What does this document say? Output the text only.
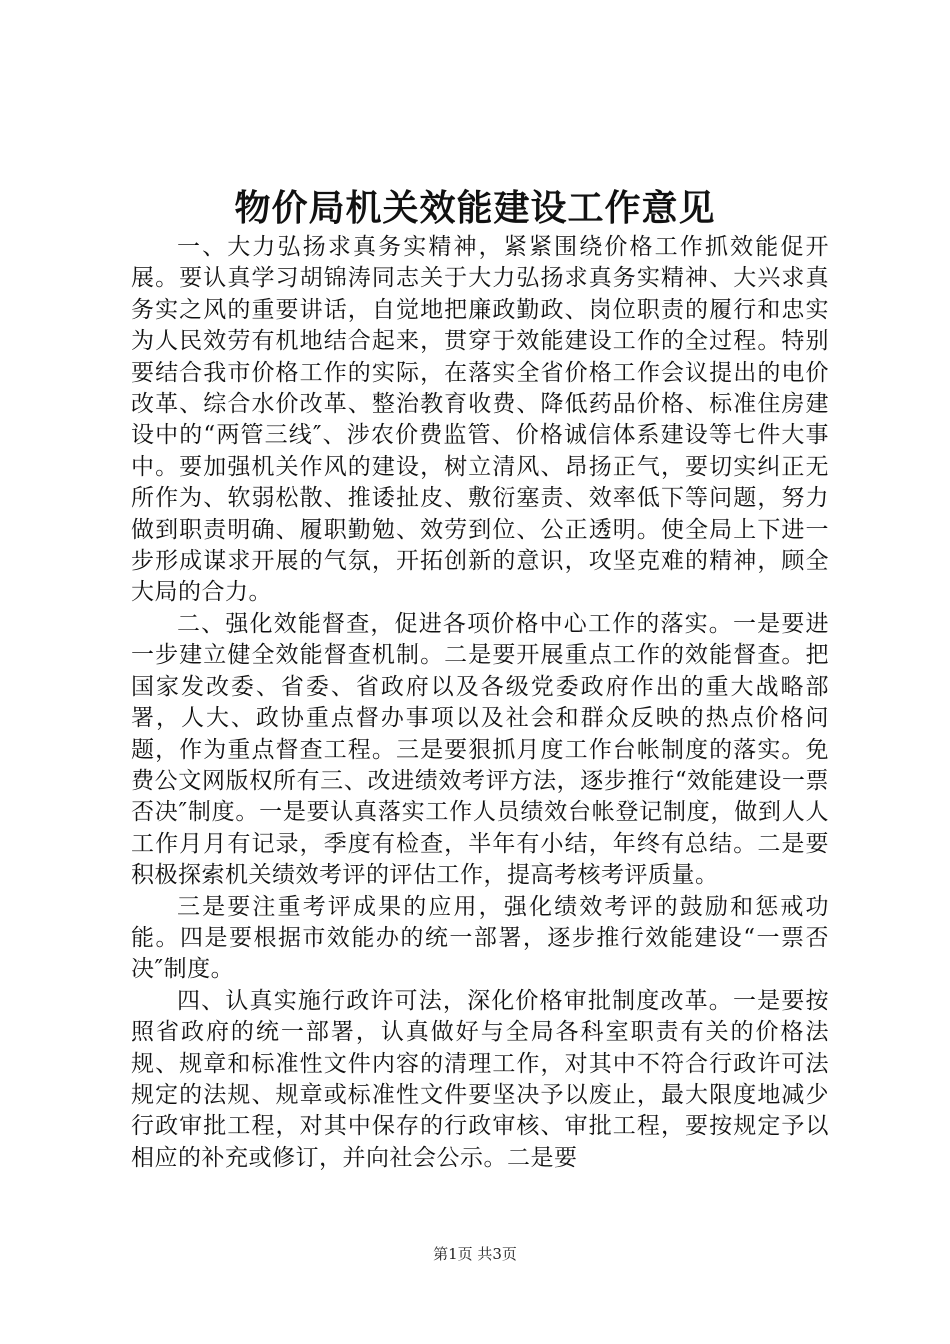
物价局机关效能建设工作意见

一、大力弘扬求真务实精神，紧紧围绕价格工作抓效能促开展。要认真学习胡锦涛同志关于大力弘扬求真务实精神、大兴求真务实之风的重要讲话，自觉地把廉政勤政、岗位职责的履行和忠实为人民效劳有机地结合起来，贯穿于效能建设工作的全过程。特别要结合我市价格工作的实际，在落实全省价格工作会议提出的电价改革、综合水价改革、整治教育收费、降低药品价格、标准住房建设中的“两管三线″、涉农价费监管、价格诚信体系建设等七件大事中。要加强机关作风的建设，树立清风、昂扬正气，要切实纠正无所作为、软弱松散、推诿扯皮、敷衍塞责、效率低下等问题，努力做到职责明确、履职勤勉、效劳到位、公正透明。使全局上下进一步形成谋求开展的气氛，开拓创新的意识，攻坚克难的精神，顾全大局的合力。

二、强化效能督查，促进各项价格中心工作的落实。一是要进一步建立健全效能督查机制。二是要开展重点工作的效能督查。把国家发改委、省委、省政府以及各级党委政府作出的重大战略部署，人大、政协重点督办事项以及社会和群众反映的热点价格问题，作为重点督查工程。三是要狠抓月度工作台帐制度的落实。免费公文网版权所有三、改进绩效考评方法，逐步推行“效能建设一票否决″制度。一是要认真落实工作人员绩效台帐登记制度，做到人人工作月月有记录，季度有检查，半年有小结，年终有总结。二是要积极探索机关绩效考评的评估工作，提高考核考评质量。

三是要注重考评成果的应用，强化绩效考评的鼓励和惩戒功能。四是要根据市效能办的统一部署，逐步推行效能建设“一票否决″制度。

四、认真实施行政许可法，深化价格审批制度改革。一是要按照省政府的统一部署，认真做好与全局各科室职责有关的价格法规、规章和标准性文件内容的清理工作，对其中不符合行政许可法规定的法规、规章或标准性文件要坚决予以废止，最大限度地减少行政审批工程，对其中保存的行政审核、审批工程，要按规定予以相应的补充或修订，并向社会公示。二是要

第1页 共3页
